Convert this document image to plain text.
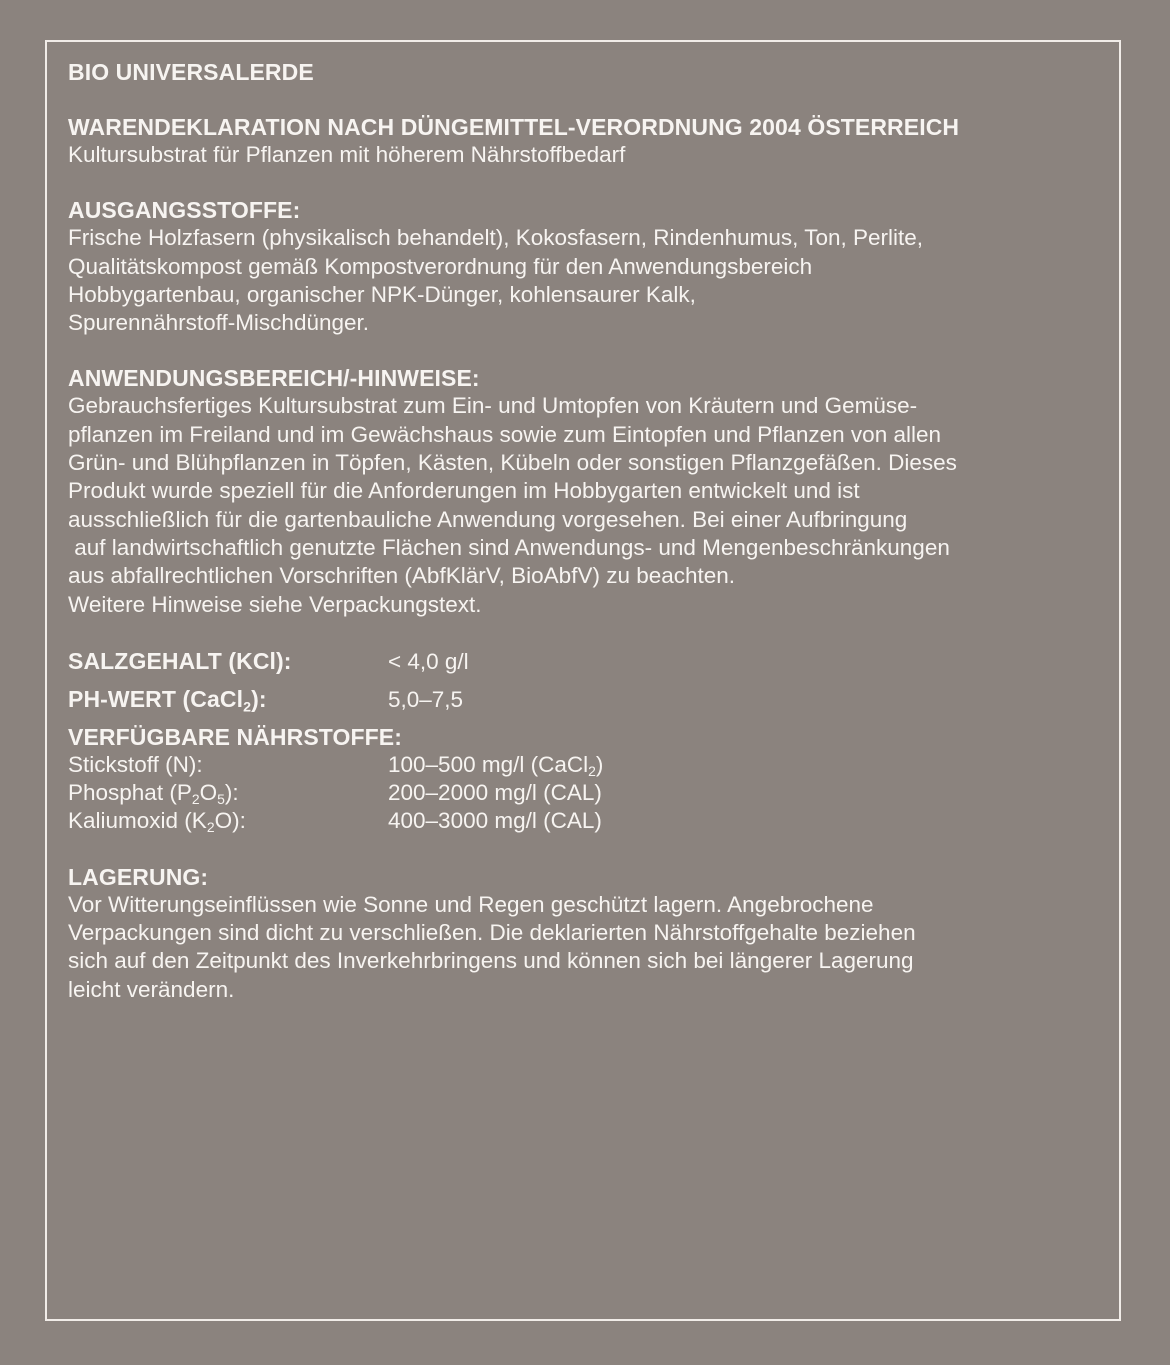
BIO UNIVERSALERDE
WARENDEKLARATION NACH DÜNGEMITTEL-VERORDNUNG 2004 ÖSTERREICH
Kultursubstrat für Pflanzen mit höherem Nährstoffbedarf
AUSGANGSSTOFFE:
Frische Holzfasern (physikalisch behandelt), Kokosfasern, Rindenhumus, Ton, Perlite,
Qualitätskompost gemäß Kompostverordnung für den Anwendungsbereich
Hobbygartenbau, organischer NPK-Dünger, kohlensaurer Kalk,
Spurennährstoff-Mischdünger.
ANWENDUNGSBEREICH/-HINWEISE:
Gebrauchsfertiges Kultursubstrat zum Ein- und Umtopfen von Kräutern und Gemüse-
pflanzen im Freiland und im Gewächshaus sowie zum Eintopfen und Pflanzen von allen
Grün- und Blühpflanzen in Töpfen, Kästen, Kübeln oder sonstigen Pflanzgefäßen. Dieses
Produkt wurde speziell für die Anforderungen im Hobbygarten entwickelt und ist
ausschließlich für die gartenbauliche Anwendung vorgesehen. Bei einer Aufbringung
auf landwirtschaftlich genutzte Flächen sind Anwendungs- und Mengenbeschränkungen
aus abfallrechtlichen Vorschriften (AbfKlärV, BioAbfV) zu beachten.
Weitere Hinweise siehe Verpackungstext.
SALZGEHALT (KCl):	< 4,0 g/l
PH-WERT (CaCl$_2$):	5,0–7,5
VERFÜGBARE NÄHRSTOFFE:
Stickstoff (N):	100–500 mg/l (CaCl$_2$)
Phosphat $(P_2O_5)$:	200–2000 mg/l (CAL)
Kaliumoxid $(K_2O)$:	400–3000 mg/l (CAL)
LAGERUNG:
Vor Witterungseinflüssen wie Sonne und Regen geschützt lagern. Angebrochene
Verpackungen sind dicht zu verschließen. Die deklarierten Nährstoffgehalte beziehen
sich auf den Zeitpunkt des Inverkehrbringens und können sich bei längerer Lagerung
leicht verändern.
